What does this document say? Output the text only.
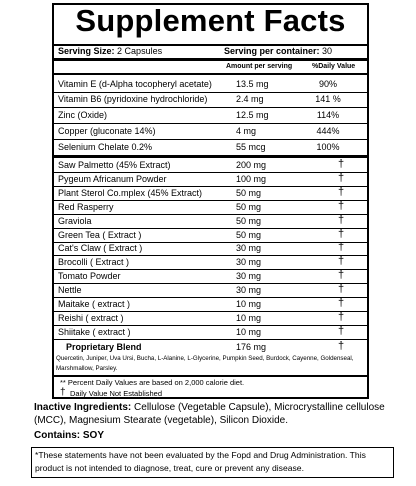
Supplement Facts
Serving Size: 2 Capsules	Serving per container: 30
Amount per serving	%Daily Value
Vitamin E (d-Alpha tocopheryl acetate)	13.5 mg	90%
Vitamin B6 (pyridoxine hydrochloride)	2.4 mg	141 %
Zinc (Oxide)	12.5 mg	114%
Copper (gluconate 14%)	4 mg	444%
Selenium Chelate 0.2%	55 mcg	100%
Saw Palmetto (45% Extract)	200 mg	†
Pygeum Africanum Powder	100 mg	†
Plant Sterol Co.mplex (45% Extract)	50 mg	†
Red Rasperry	50 mg	†
Graviola	50 mg	†
Green Tea ( Extract )	50 mg	†
Cat's Claw ( Extract )	30 mg	†
Brocolli ( Extract )	30 mg	†
Tomato Powder	30 mg	†
Nettle	30 mg	†
Maitake ( extract )	10 mg	†
Reishi ( extract )	10 mg	†
Shiitake ( extract )	10 mg	†
Proprietary Blend	176 mg	†
Quercetin, Juniper, Uva Ursi, Bucha, L-Alanine, L-Glycerine, Pumpkin Seed, Burdock, Cayenne, Goldenseal, Marshmallow, Parsley.
** Percent Daily Values are based on 2,000 calorie diet.
† Daily Value Not Established
Inactive Ingredients: Cellulose (Vegetable Capsule), Microcrystalline cellulose (MCC), Magnesium Stearate (vegetable), Silicon Dioxide.
Contains: SOY
*These statements have not been evaluated by the Fopd and Drug Administration. This product is not intended to diagnose, treat, cure or prevent any disease.
